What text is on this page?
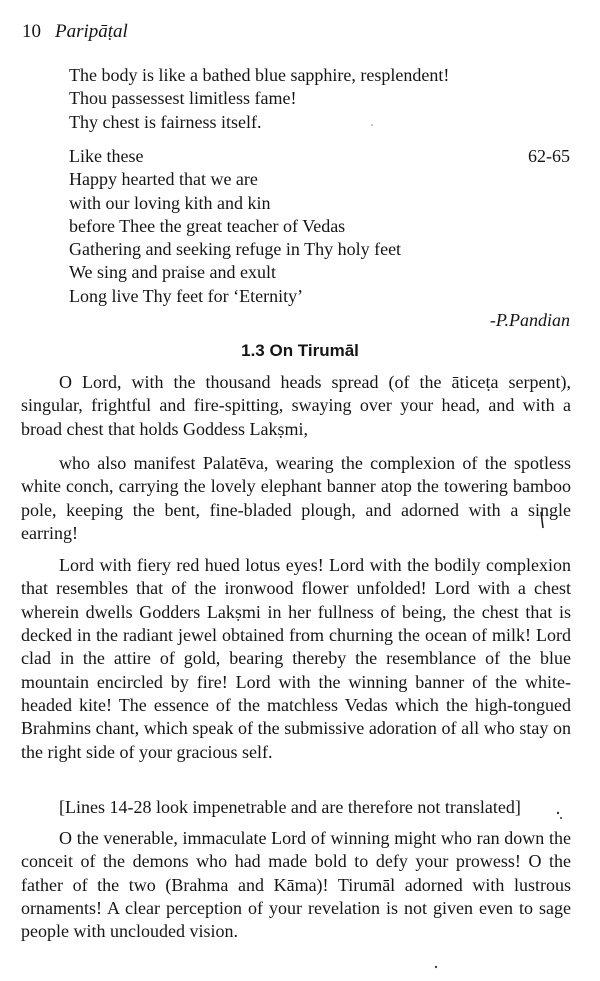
10 Paripāṭal
The body is like a bathed blue sapphire, resplendent!
Thou passessest limitless fame!
Thy chest is fairness itself.
Like these
Happy hearted that we are
with our loving kith and kin
before Thee the great teacher of Vedas
Gathering and seeking refuge in Thy holy feet
We sing and praise and exult
Long live Thy feet for ‘Eternity’
62-65
-P.Pandian
1.3 On Tirumāl
O Lord, with the thousand heads spread (of the āticeṭa serpent), singular, frightful and fire-spitting, swaying over your head, and with a broad chest that holds Goddess Lakṣmi,
who also manifest Palatēva, wearing the complexion of the spotless white conch, carrying the lovely elephant banner atop the towering bamboo pole, keeping the bent, fine-bladed plough, and adorned with a single earring!
Lord with fiery red hued lotus eyes! Lord with the bodily complexion that resembles that of the ironwood flower unfolded! Lord with a chest wherein dwells Godders Lakṣmi in her fullness of being, the chest that is decked in the radiant jewel obtained from churning the ocean of milk! Lord clad in the attire of gold, bearing thereby the resemblance of the blue mountain encircled by fire! Lord with the winning banner of the white-headed kite! The essence of the matchless Vedas which the high-tongued Brahmins chant, which speak of the submissive adoration of all who stay on the right side of your gracious self.
[Lines 14-28 look impenetrable and are therefore not translated]
O the venerable, immaculate Lord of winning might who ran down the conceit of the demons who had made bold to defy your prowess! O the father of the two (Brahma and Kāma)! Tirumāl adorned with lustrous ornaments! A clear perception of your revelation is not given even to sage people with unclouded vision.
